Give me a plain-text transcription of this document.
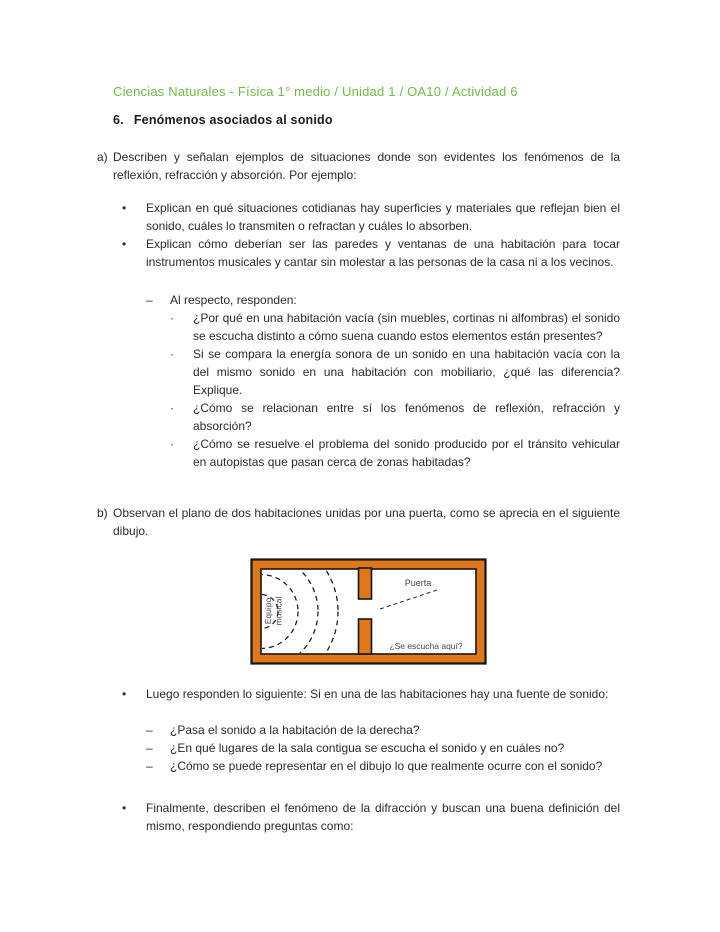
Ciencias Naturales - Física 1° medio / Unidad 1 / OA10 / Actividad 6
6. Fenómenos asociados al sonido
a) Describen y señalan ejemplos de situaciones donde son evidentes los fenómenos de la reflexión, refracción y absorción. Por ejemplo:
•	Explican en qué situaciones cotidianas hay superficies y materiales que reflejan bien el sonido, cuáles lo transmiten o refractan y cuáles lo absorben.
•	Explican cómo deberían ser las paredes y ventanas de una habitación para tocar instrumentos musicales y cantar sin molestar a las personas de la casa ni a los vecinos.
–	Al respecto, responden:
·	¿Por qué en una habitación vacía (sin muebles, cortinas ni alfombras) el sonido se escucha distinto a cómo suena cuando estos elementos están presentes?
·	Si se compara la energía sonora de un sonido en una habitación vacía con la del mismo sonido en una habitación con mobiliario, ¿qué las diferencia? Explique.
·	¿Cómo se relacionan entre sí los fenómenos de reflexión, refracción y absorción?
·	¿Cómo se resuelve el problema del sonido producido por el tránsito vehicular en autopistas que pasan cerca de zonas habitadas?
b) Observan el plano de dos habitaciones unidas por una puerta, como se aprecia en el siguiente dibujo.
Equipo musical
Puerta
¿Se escucha aquí?
•	Luego responden lo siguiente: Si en una de las habitaciones hay una fuente de sonido:
–	¿Pasa el sonido a la habitación de la derecha?
–	¿En qué lugares de la sala contigua se escucha el sonido y en cuáles no?
–	¿Cómo se puede representar en el dibujo lo que realmente ocurre con el sonido?
•	Finalmente, describen el fenómeno de la difracción y buscan una buena definición del mismo, respondiendo preguntas como:
